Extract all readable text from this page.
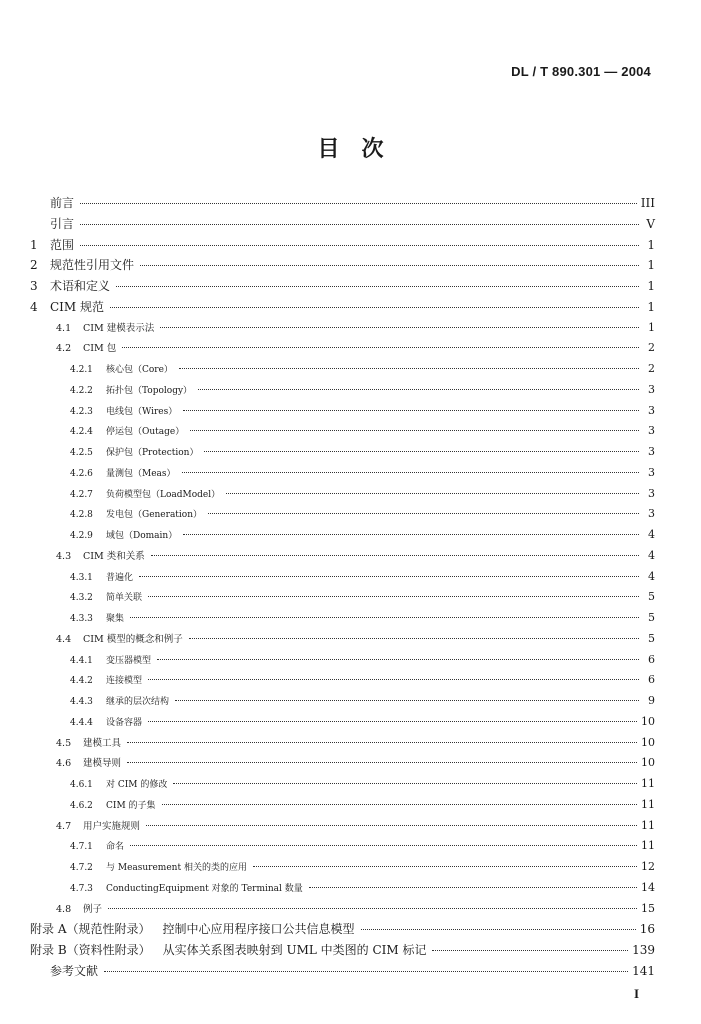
DL / T 890.301 — 2004
目　次
前言	III
引言	V
1	范围	1
2	规范性引用文件	1
3	术语和定义	1
4	CIM 规范	1
4.1	CIM 建模表示法	1
4.2	CIM 包	2
4.2.1	核心包（Core）	2
4.2.2	拓扑包（Topology）	3
4.2.3	电线包（Wires）	3
4.2.4	停运包（Outage）	3
4.2.5	保护包（Protection）	3
4.2.6	量测包（Meas）	3
4.2.7	负荷模型包（LoadModel）	3
4.2.8	发电包（Generation）	3
4.2.9	域包（Domain）	4
4.3	CIM 类和关系	4
4.3.1	普遍化	4
4.3.2	简单关联	5
4.3.3	聚集	5
4.4	CIM 模型的概念和例子	5
4.4.1	变压器模型	6
4.4.2	连接模型	6
4.4.3	继承的层次结构	9
4.4.4	设备容器	10
4.5	建模工具	10
4.6	建模导则	10
4.6.1	对 CIM 的修改	11
4.6.2	CIM 的子集	11
4.7	用户实施规则	11
4.7.1	命名	11
4.7.2	与 Measurement 相关的类的应用	12
4.7.3	ConductingEquipment 对象的 Terminal 数量	14
4.8	例子	15
附录 A（规范性附录）	控制中心应用程序接口公共信息模型	16
附录 B（资料性附录）	从实体关系图表映射到 UML 中类图的 CIM 标记	139
参考文献	141
I
